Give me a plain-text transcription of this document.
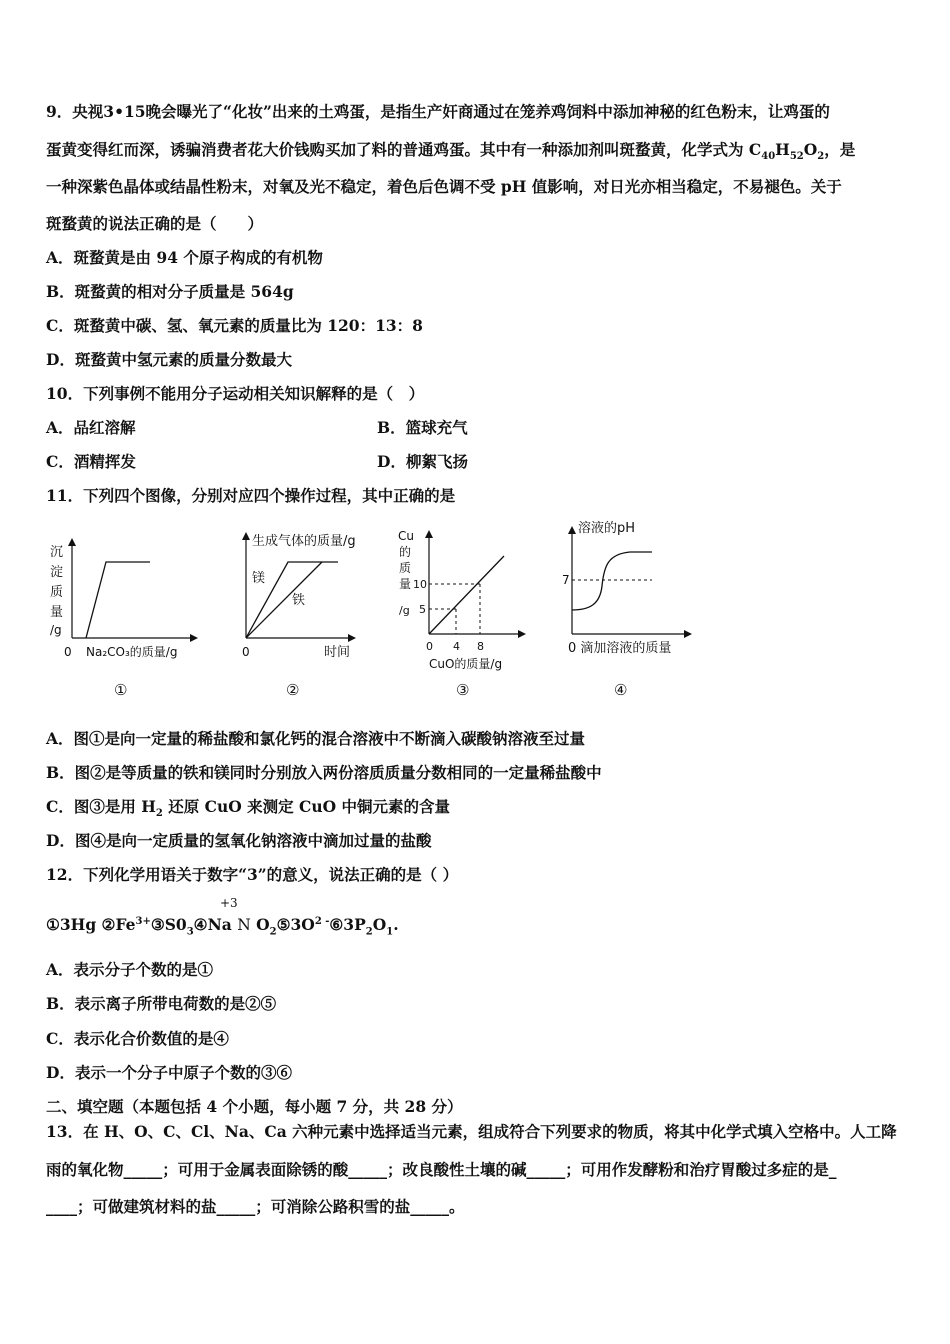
9．央视3•15晚会曝光了“化妆”出来的土鸡蛋，是指生产奸商通过在笼养鸡饲料中添加神秘的红色粉末，让鸡蛋的
蛋黄变得红而深，诱骗消费者花大价钱购买加了料的普通鸡蛋。其中有一种添加剂叫斑蝥黄，化学式为 $C_{40}H_{52}O_2$，是
一种深紫色晶体或结晶性粉末，对氧及光不稳定，着色后色调不受 pH 值影响，对日光亦相当稳定，不易褪色。关于
斑蝥黄的说法正确的是（　　）
A．斑蝥黄是由 94 个原子构成的有机物
B．斑蝥黄的相对分子质量是 564g
C．斑蝥黄中碳、氢、氧元素的质量比为 120：13：8
D．斑蝥黄中氢元素的质量分数最大
10．下列事例不能用分子运动相关知识解释的是（　）
A．品红溶解	B．篮球充气
C．酒精挥发	D．柳絮飞扬
11．下列四个图像，分别对应四个操作过程，其中正确的是
沉
淀
质
量
/g
0 Na₂CO₃的质量/g
①
生成气体的质量/g
镁
铁
0	时间
②
Cu
的
质
量
/g
10
5
0 4 8
CuO的质量/g
③
溶液的pH
7
0 滴加溶液的质量
④
A．图①是向一定量的稀盐酸和氯化钙的混合溶液中不断滴入碳酸钠溶液至过量
B．图②是等质量的铁和镁同时分别放入两份溶质质量分数相同的一定量稀盐酸中
C．图③是用 $H_2$ 还原 CuO 来测定 CuO 中铜元素的含量
D．图④是向一定质量的氢氧化钠溶液中滴加过量的盐酸
12．下列化学用语关于数字“3”的意义，说法正确的是（ ）
+3
①3Hg $②Fe^{3+}③S0_3④Na$ N $O_2⑤3O^{2 -}⑥3P_2O_1$.
A．表示分子个数的是①
B．表示离子所带电荷数的是②⑤
C．表示化合价数值的是④
D．表示一个分子中原子个数的③⑥
二、填空题（本题包括 4 个小题，每小题 7 分，共 28 分）
13．在 H、O、C、Cl、Na、Ca 六种元素中选择适当元素，组成符合下列要求的物质，将其中化学式填入空格中。人工降
雨的氧化物_____；可用于金属表面除锈的酸_____；改良酸性土壤的碱_____；可用作发酵粉和治疗胃酸过多症的是_
____；可做建筑材料的盐_____；可消除公路积雪的盐_____。
